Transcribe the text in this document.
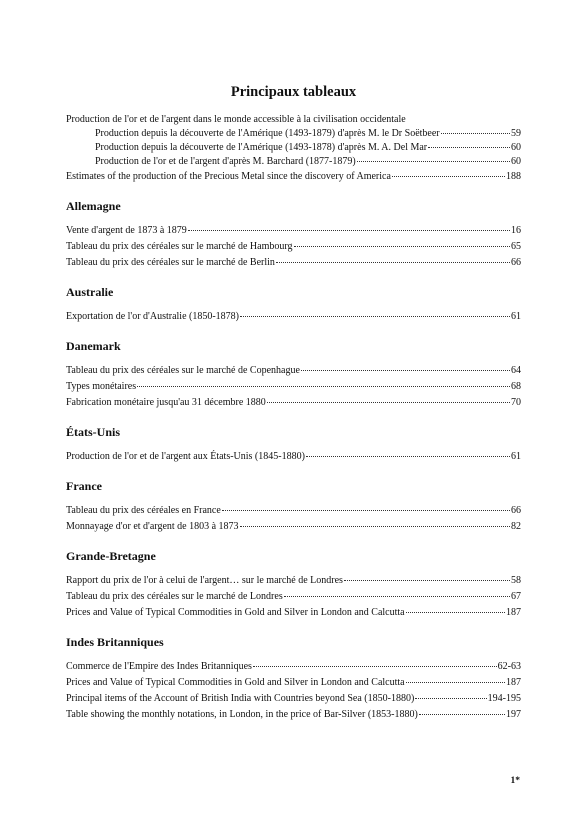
Principaux tableaux
Production de l'or et de l'argent dans le monde accessible à la civilisation occidentale
Production depuis la découverte de l'Amérique (1493-1879) d'après M. le Dr Soëtbeer	59
Production depuis la découverte de l'Amérique (1493-1878) d'après M. A. Del Mar	60
Production de l'or et de l'argent d'après M. Barchard (1877-1879)	60
Estimates of the production of the Precious Metal since the discovery of America	188
Allemagne
Vente d'argent de 1873 à 1879	16
Tableau du prix des céréales sur le marché de Hambourg	65
Tableau du prix des céréales sur le marché de Berlin	66
Australie
Exportation de l'or d'Australie (1850-1878)	61
Danemark
Tableau du prix des céréales sur le marché de Copenhague	64
Types monétaires	68
Fabrication monétaire jusqu'au 31 décembre 1880	70
États-Unis
Production de l'or et de l'argent aux États-Unis (1845-1880)	61
France
Tableau du prix des céréales en France	66
Monnayage d'or et d'argent de 1803 à 1873	82
Grande-Bretagne
Rapport du prix de l'or à celui de l'argent… sur le marché de Londres	58
Tableau du prix des céréales sur le marché de Londres	67
Prices and Value of Typical Commodities in Gold and Silver in London and Calcutta	187
Indes Britanniques
Commerce de l'Empire des Indes Britanniques	62-63
Prices and Value of Typical Commodities in Gold and Silver in London and Calcutta	187
Principal items of the Account of British India with Countries beyond Sea (1850-1880)	194-195
Table showing the monthly notations, in London, in the price of Bar-Silver (1853-1880)	197
1*
